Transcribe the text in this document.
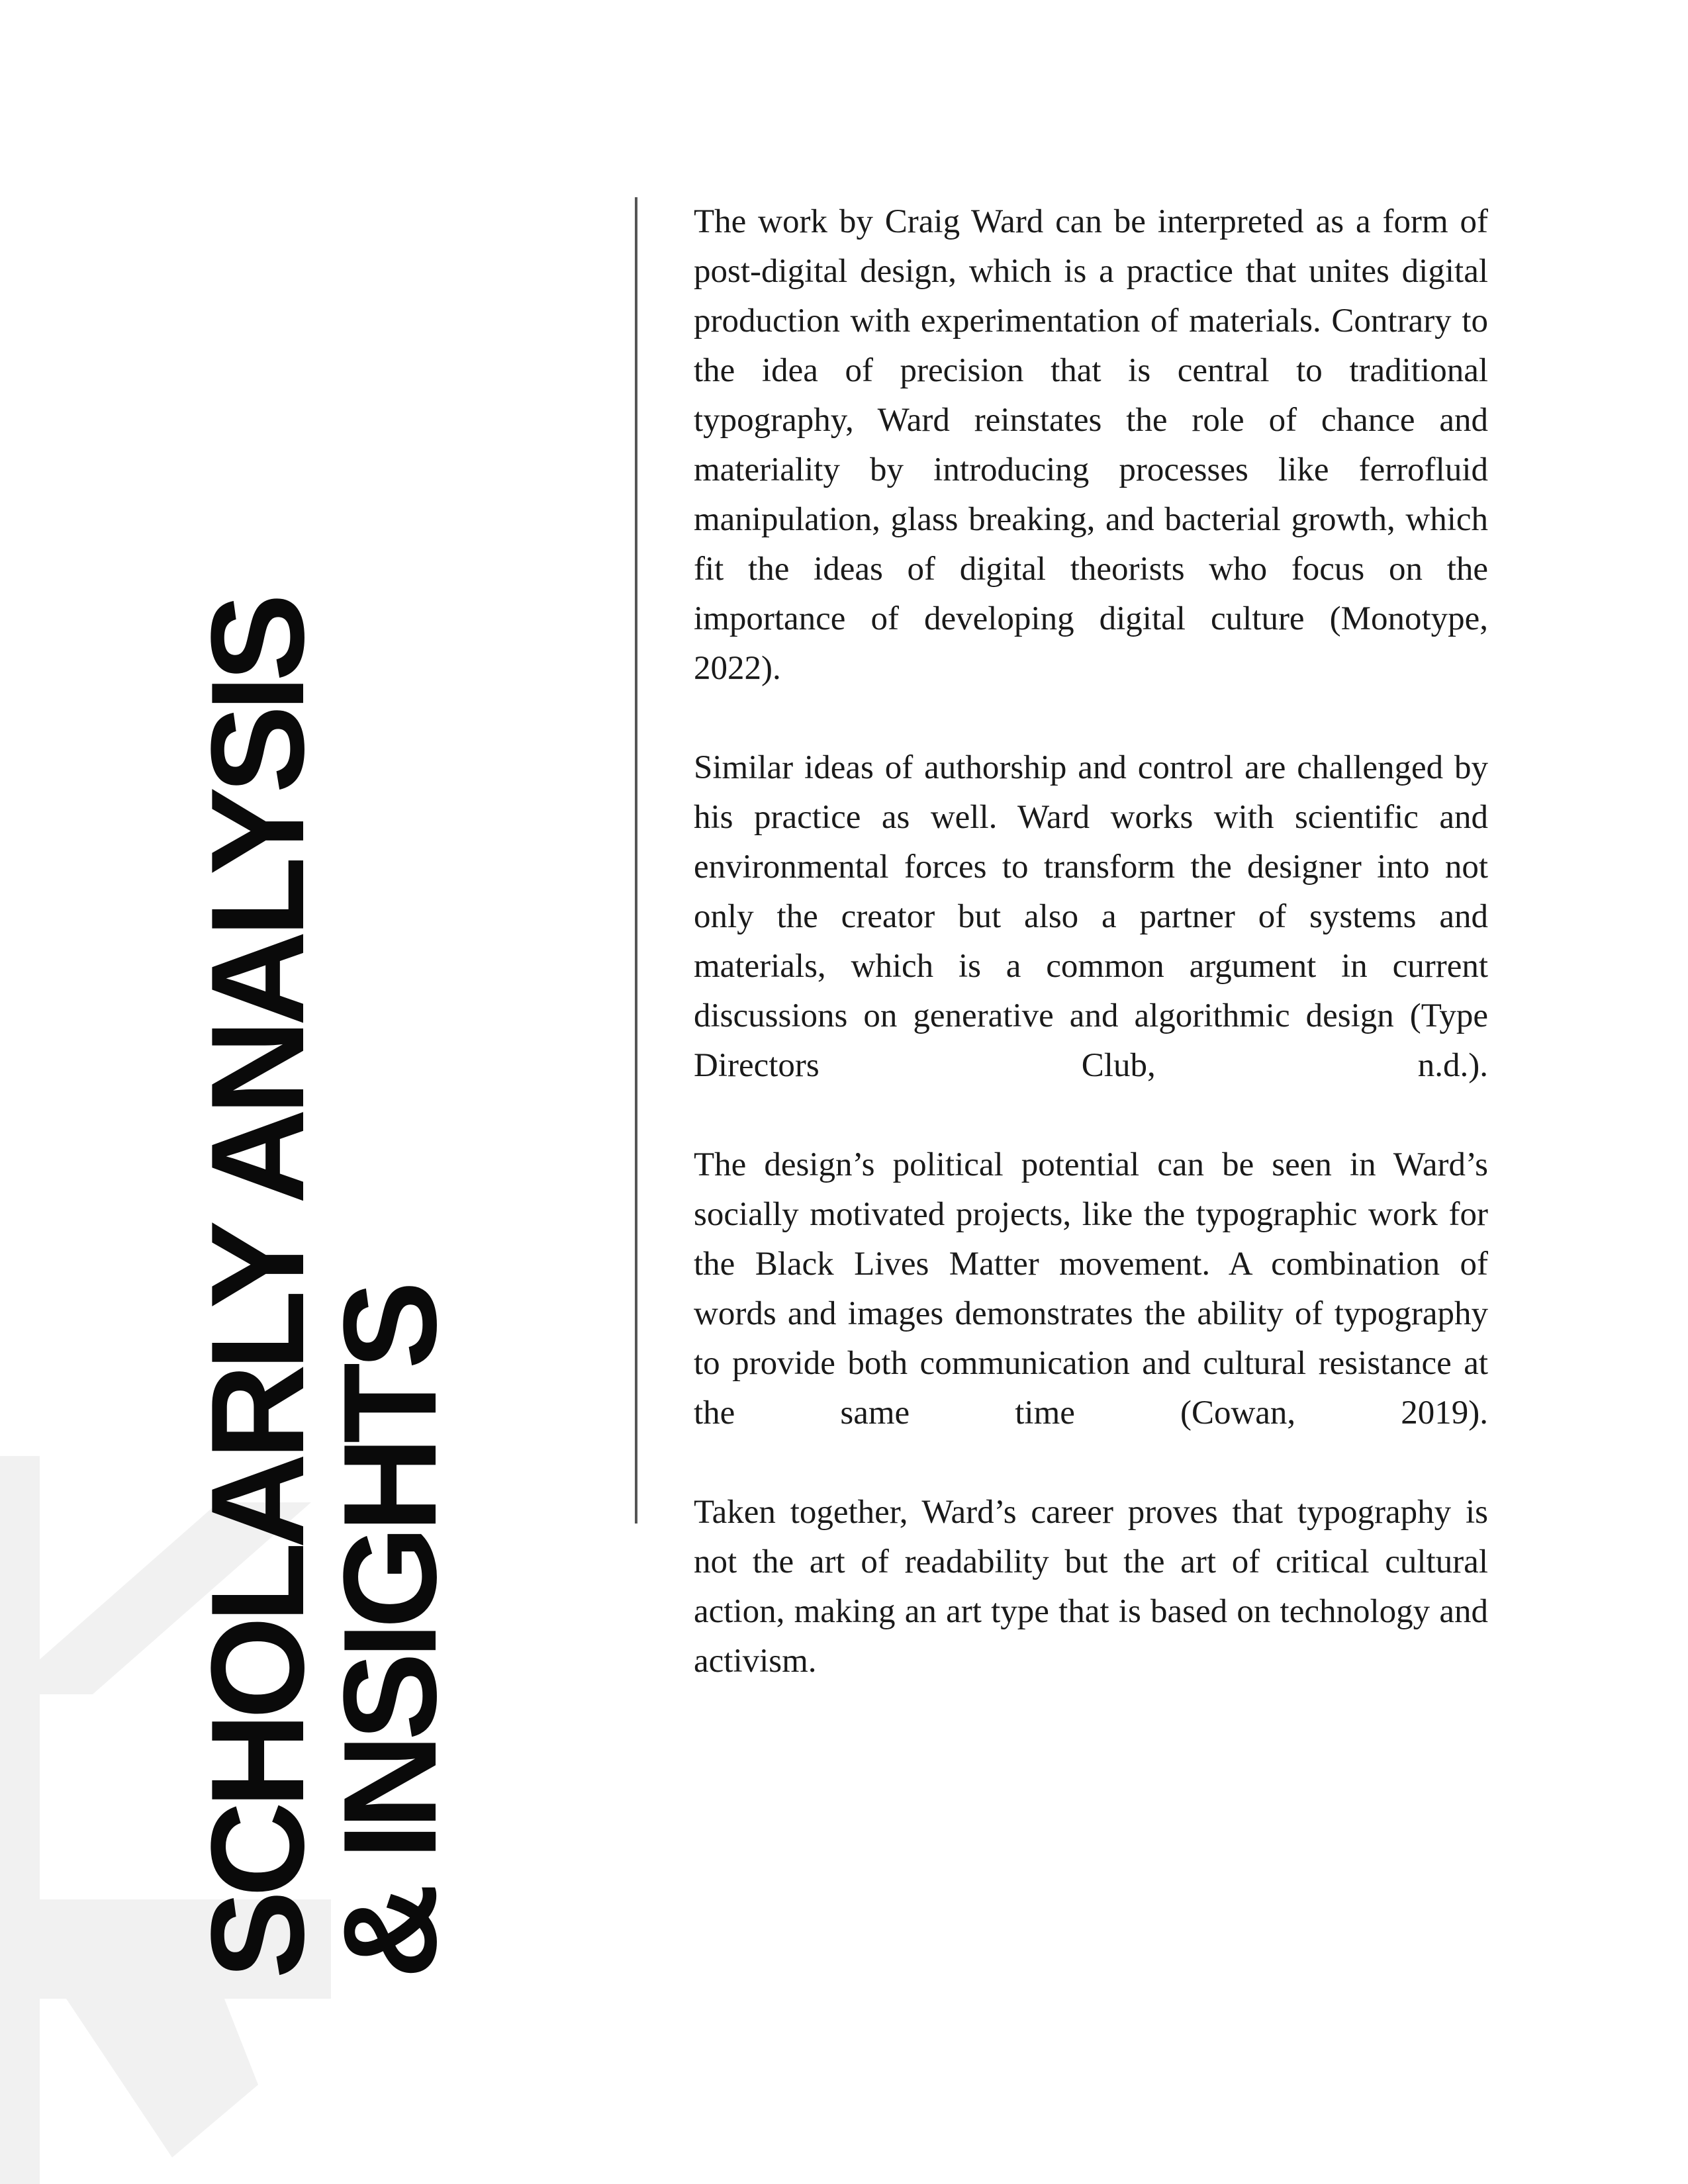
SCHOLARLY ANALYSIS
& INSIGHTS

The work by Craig Ward can be interpreted as a form of post-digital design, which is a practice that unites digital production with experimentation of materials. Contrary to the idea of precision that is central to traditional typography, Ward reinstates the role of chance and materiality by introducing processes like ferrofluid manipulation, glass breaking, and bacterial growth, which fit the ideas of digital theorists who focus on the importance of developing digital culture (Monotype, 2022).

Similar ideas of authorship and control are challenged by his practice as well. Ward works with scientific and environmental forces to transform the designer into not only the creator but also a partner of systems and materials, which is a common argument in current discussions on generative and algorithmic design (Type Directors Club, n.d.).

The design’s political potential can be seen in Ward’s socially motivated projects, like the typographic work for the Black Lives Matter movement. A combination of words and images demonstrates the ability of typography to provide both communication and cultural resistance at the same time (Cowan, 2019).

Taken together, Ward’s career proves that typography is not the art of readability but the art of critical cultural action, making an art type that is based on technology and activism.
